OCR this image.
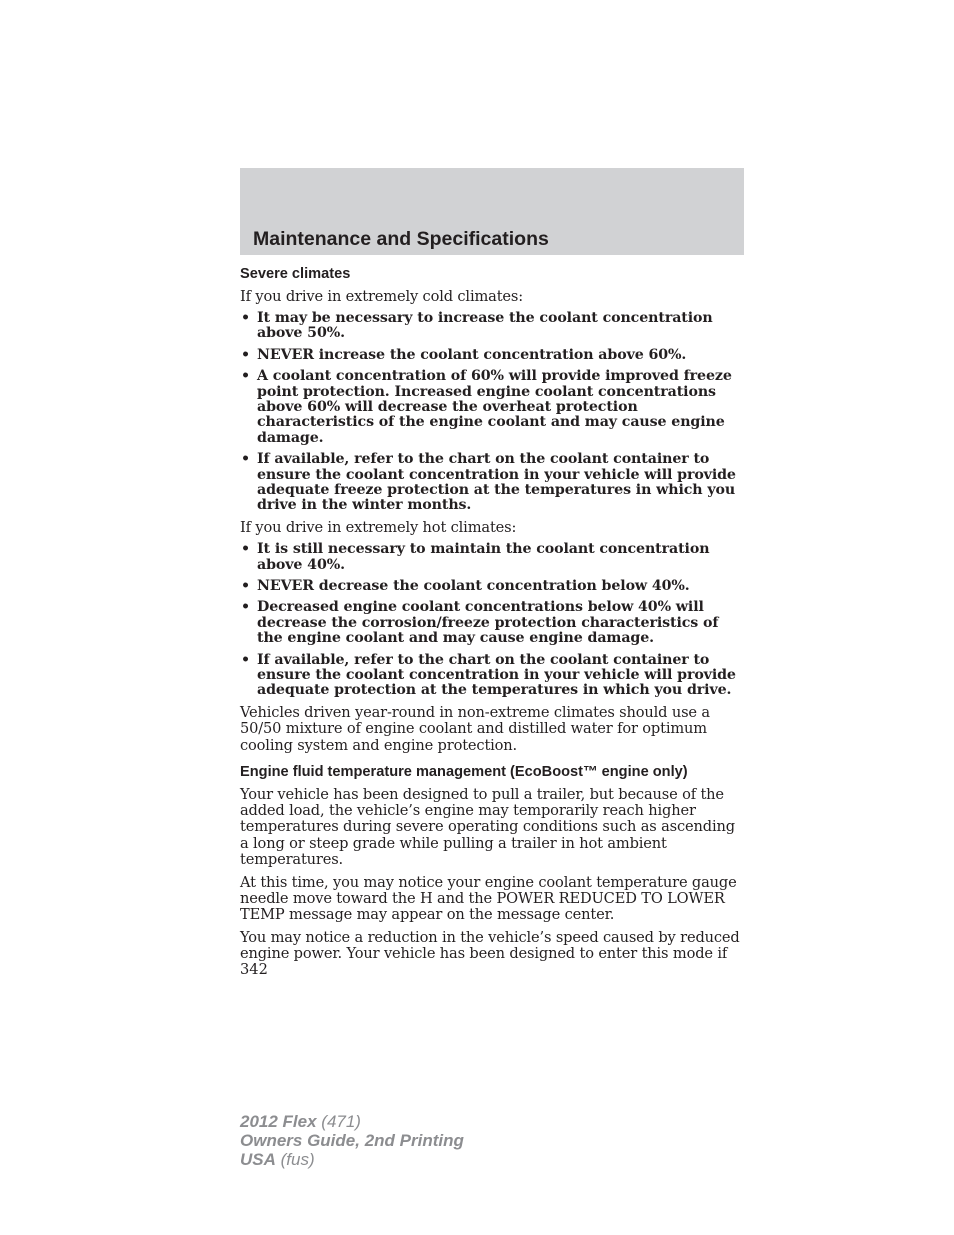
Maintenance and Specifications
Severe climates

If you drive in extremely cold climates:

• It may be necessary to increase the coolant concentration above 50%.
• NEVER increase the coolant concentration above 60%.
• A coolant concentration of 60% will provide improved freeze point protection. Increased engine coolant concentrations above 60% will decrease the overheat protection characteristics of the engine coolant and may cause engine damage.
• If available, refer to the chart on the coolant container to ensure the coolant concentration in your vehicle will provide adequate freeze protection at the temperatures in which you drive in the winter months.

If you drive in extremely hot climates:

• It is still necessary to maintain the coolant concentration above 40%.
• NEVER decrease the coolant concentration below 40%.
• Decreased engine coolant concentrations below 40% will decrease the corrosion/freeze protection characteristics of the engine coolant and may cause engine damage.
• If available, refer to the chart on the coolant container to ensure the coolant concentration in your vehicle will provide adequate protection at the temperatures in which you drive.

Vehicles driven year-round in non-extreme climates should use a 50/50 mixture of engine coolant and distilled water for optimum cooling system and engine protection.

Engine fluid temperature management (EcoBoost™ engine only)

Your vehicle has been designed to pull a trailer, but because of the added load, the vehicle’s engine may temporarily reach higher temperatures during severe operating conditions such as ascending a long or steep grade while pulling a trailer in hot ambient temperatures.

At this time, you may notice your engine coolant temperature gauge needle move toward the H and the POWER REDUCED TO LOWER TEMP message may appear on the message center.

You may notice a reduction in the vehicle’s speed caused by reduced engine power. Your vehicle has been designed to enter this mode if

342
2012 Flex (471)
Owners Guide, 2nd Printing
USA (fus)
